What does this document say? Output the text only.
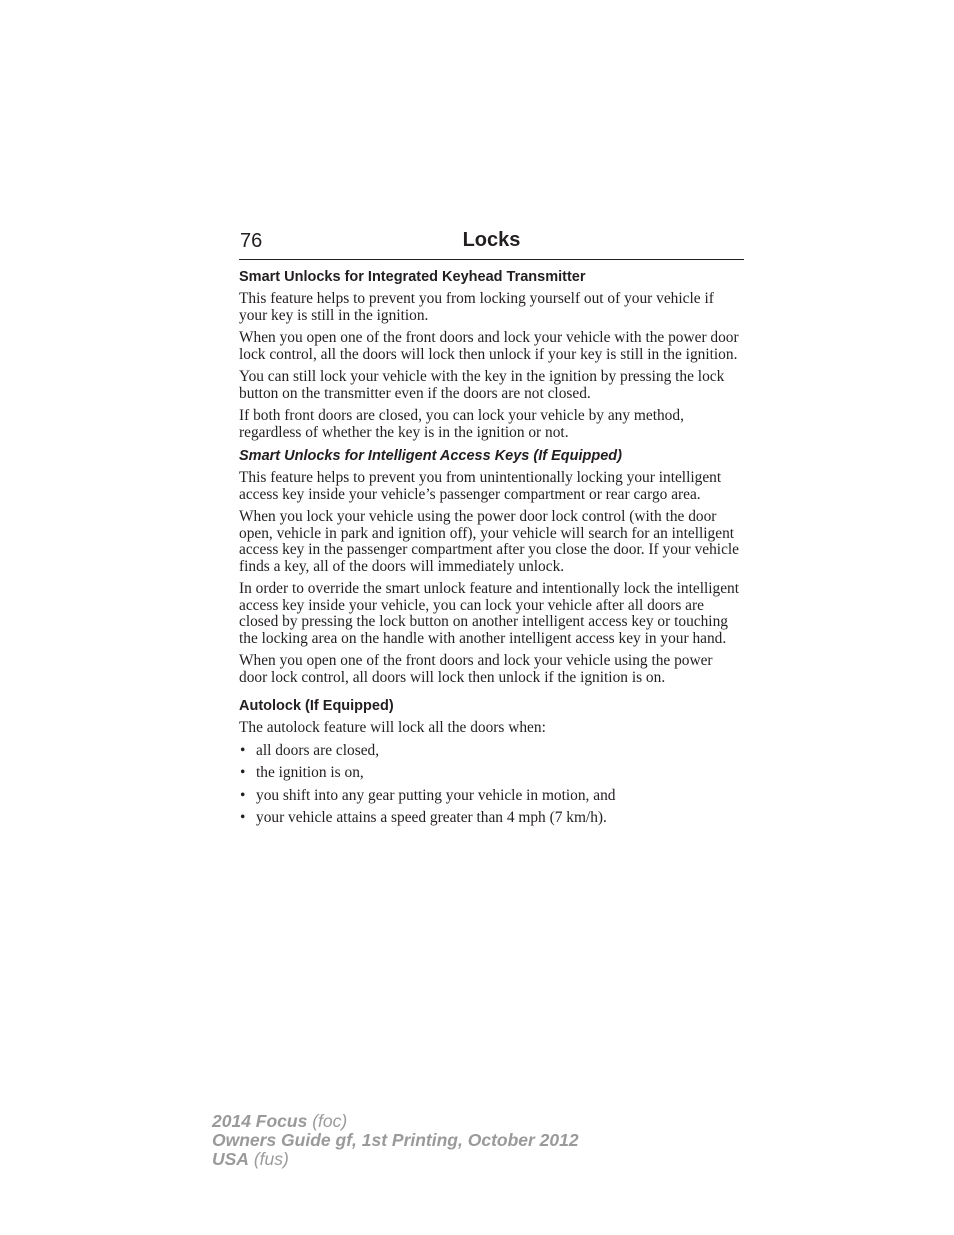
76	Locks
Smart Unlocks for Integrated Keyhead Transmitter

This feature helps to prevent you from locking yourself out of your vehicle if your key is still in the ignition.

When you open one of the front doors and lock your vehicle with the power door lock control, all the doors will lock then unlock if your key is still in the ignition.

You can still lock your vehicle with the key in the ignition by pressing the lock button on the transmitter even if the doors are not closed.

If both front doors are closed, you can lock your vehicle by any method, regardless of whether the key is in the ignition or not.

Smart Unlocks for Intelligent Access Keys (If Equipped)

This feature helps to prevent you from unintentionally locking your intelligent access key inside your vehicle’s passenger compartment or rear cargo area.

When you lock your vehicle using the power door lock control (with the door open, vehicle in park and ignition off), your vehicle will search for an intelligent access key in the passenger compartment after you close the door. If your vehicle finds a key, all of the doors will immediately unlock.

In order to override the smart unlock feature and intentionally lock the intelligent access key inside your vehicle, you can lock your vehicle after all doors are closed by pressing the lock button on another intelligent access key or touching the locking area on the handle with another intelligent access key in your hand.

When you open one of the front doors and lock your vehicle using the power door lock control, all doors will lock then unlock if the ignition is on.

Autolock (If Equipped)

The autolock feature will lock all the doors when:

• all doors are closed,
• the ignition is on,
• you shift into any gear putting your vehicle in motion, and
• your vehicle attains a speed greater than 4 mph (7 km/h).
2014 Focus (foc)
Owners Guide gf, 1st Printing, October 2012
USA (fus)
